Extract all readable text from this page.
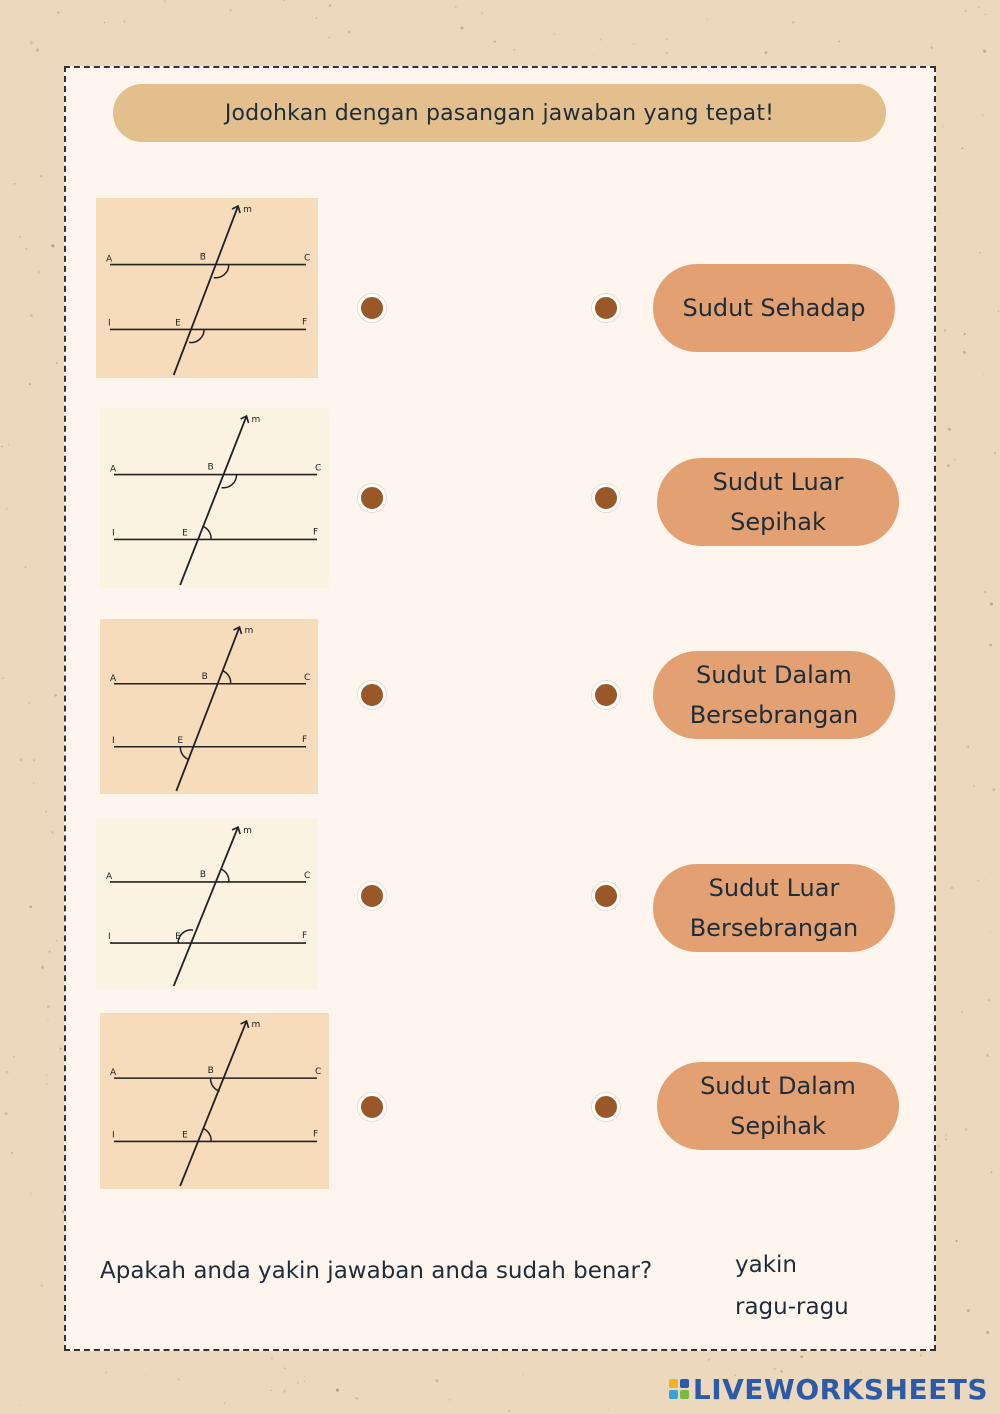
Jodohkan dengan pasangan jawaban yang tepat!
A	B	C
I	E	F
m
A	B	C
I	E	F
m
A	B	C
I	E	F
m
A	B	C
I	E	F
m
A	B	C
I	E	F
m
Sudut Sehadap
Sudut Luar
Sepihak
Sudut Dalam
Bersebrangan
Sudut Luar
Bersebrangan
Sudut Dalam
Sepihak
Apakah anda yakin jawaban anda sudah benar?	yakin
ragu-ragu
LIVEWORKSHEETS
